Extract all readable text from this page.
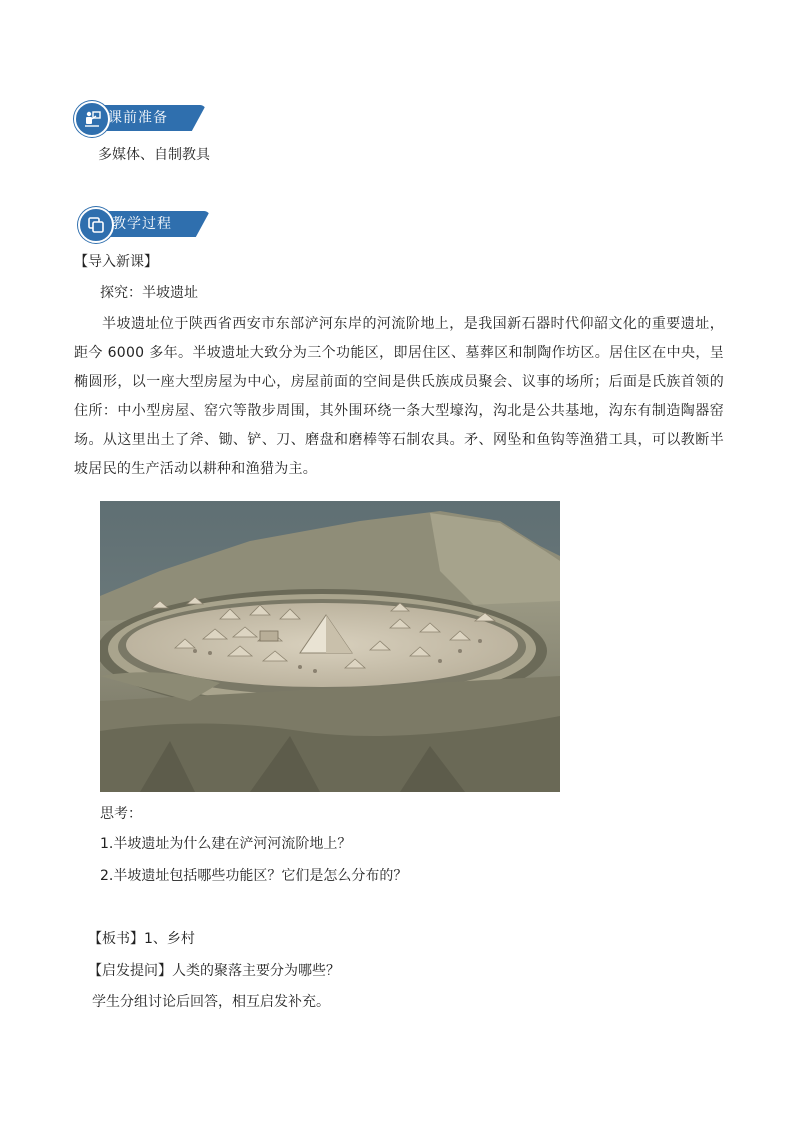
课前准备
多媒体、自制教具
教学过程
【导入新课】
探究：半坡遗址
半坡遗址位于陕西省西安市东部浐河东岸的河流阶地上，是我国新石器时代仰韶文化的重要遗址，距今 6000 多年。半坡遗址大致分为三个功能区，即居住区、墓葬区和制陶作坊区。居住区在中央，呈椭圆形，以一座大型房屋为中心，房屋前面的空间是供氏族成员聚会、议事的场所；后面是氏族首领的住所：中小型房屋、窑穴等散步周围，其外围环绕一条大型壕沟，沟北是公共基地，沟东有制造陶器窑场。从这里出土了斧、锄、铲、刀、磨盘和磨棒等石制农具。矛、网坠和鱼钩等渔猎工具，可以教断半坡居民的生产活动以耕种和渔猎为主。
思考：
1.半坡遗址为什么建在浐河河流阶地上？
2.半坡遗址包括哪些功能区？它们是怎么分布的？
【板书】1、乡村
【启发提问】人类的聚落主要分为哪些？
学生分组讨论后回答，相互启发补充。
